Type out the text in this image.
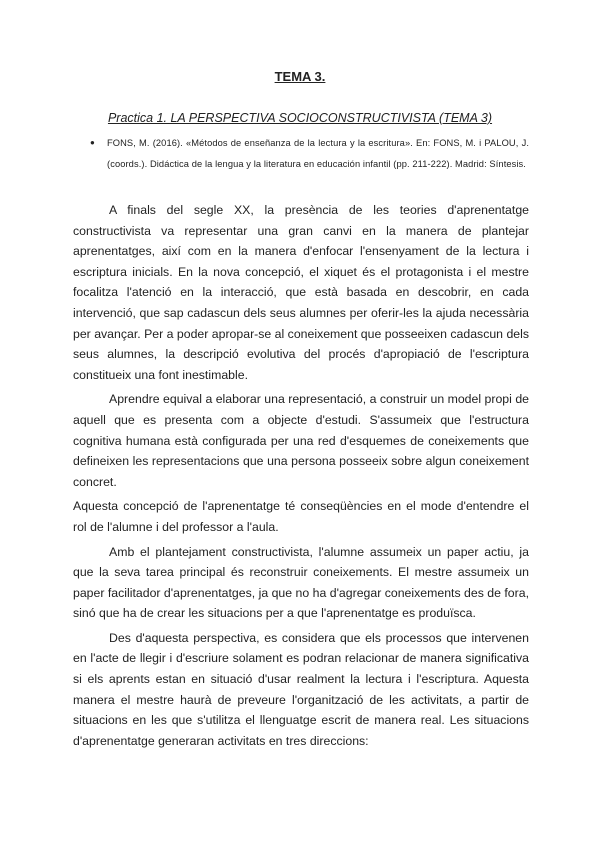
TEMA 3.
Practica 1. LA PERSPECTIVA SOCIOCONSTRUCTIVISTA (TEMA 3)
● FONS, M. (2016). «Métodos de enseñanza de la lectura y la escritura». En: FONS, M. i PALOU, J. (coords.). Didáctica de la lengua y la literatura en educación infantil (pp. 211-222). Madrid: Síntesis.

A finals del segle XX, la presència de les teories d'aprenentatge constructivista va representar una gran canvi en la manera de plantejar aprenentatges, així com en la manera d'enfocar l'ensenyament de la lectura i escriptura inicials. En la nova concepció, el xiquet és el protagonista i el mestre focalitza l'atenció en la interacció, que està basada en descobrir, en cada intervenció, que sap cadascun dels seus alumnes per oferir-les la ajuda necessària per avançar. Per a poder apropar-se al coneixement que posseeixen cadascun dels seus alumnes, la descripció evolutiva del procés d'apropiació de l'escriptura constitueix una font inestimable.

Aprendre equival a elaborar una representació, a construir un model propi de aquell que es presenta com a objecte d'estudi. S'assumeix que l'estructura cognitiva humana està configurada per una red d'esquemes de coneixements que defineixen les representacions que una persona posseeix sobre algun coneixement concret.

Aquesta concepció de l'aprenentatge té conseqüències en el mode d'entendre el rol de l'alumne i del professor a l'aula.

Amb el plantejament constructivista, l'alumne assumeix un paper actiu, ja que la seva tarea principal és reconstruir coneixements. El mestre assumeix un paper facilitador d'aprenentatges, ja que no ha d'agregar coneixements des de fora, sinó que ha de crear les situacions per a que l'aprenentatge es produïsca.

Des d'aquesta perspectiva, es considera que els processos que intervenen en l'acte de llegir i d'escriure solament es podran relacionar de manera significativa si els aprents estan en situació d'usar realment la lectura i l'escriptura. Aquesta manera el mestre haurà de preveure l'organització de les activitats, a partir de situacions en les que s'utilitza el llenguatge escrit de manera real. Les situacions d'aprenentatge generaran activitats en tres direccions:
